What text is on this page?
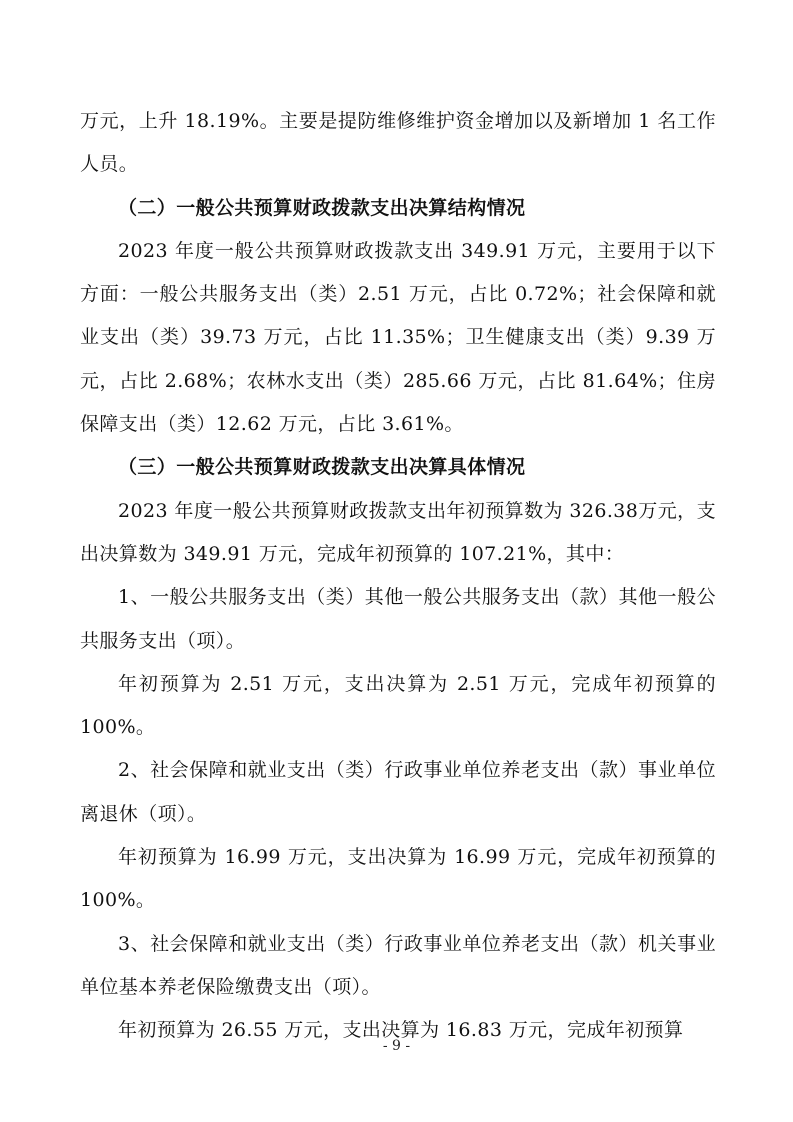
万元，上升 18.19%。主要是提防维修维护资金增加以及新增加 1 名工作人员。

（二）一般公共预算财政拨款支出决算结构情况

2023 年度一般公共预算财政拨款支出 349.91 万元，主要用于以下方面：一般公共服务支出（类）2.51 万元，占比 0.72%；社会保障和就业支出（类）39.73 万元，占比 11.35%；卫生健康支出（类）9.39 万元，占比 2.68%；农林水支出（类）285.66 万元，占比 81.64%；住房保障支出（类）12.62 万元，占比 3.61%。

（三）一般公共预算财政拨款支出决算具体情况

2023 年度一般公共预算财政拨款支出年初预算数为 326.38万元，支出决算数为 349.91 万元，完成年初预算的 107.21%，其中：

1、一般公共服务支出（类）其他一般公共服务支出（款）其他一般公共服务支出（项）。

年初预算为 2.51 万元，支出决算为 2.51 万元，完成年初预算的 100%。

2、社会保障和就业支出（类）行政事业单位养老支出（款）事业单位离退休（项）。

年初预算为 16.99 万元，支出决算为 16.99 万元，完成年初预算的 100%。

3、社会保障和就业支出（类）行政事业单位养老支出（款）机关事业单位基本养老保险缴费支出（项）。

年初预算为 26.55 万元，支出决算为 16.83 万元，完成年初预算

- 9 -
